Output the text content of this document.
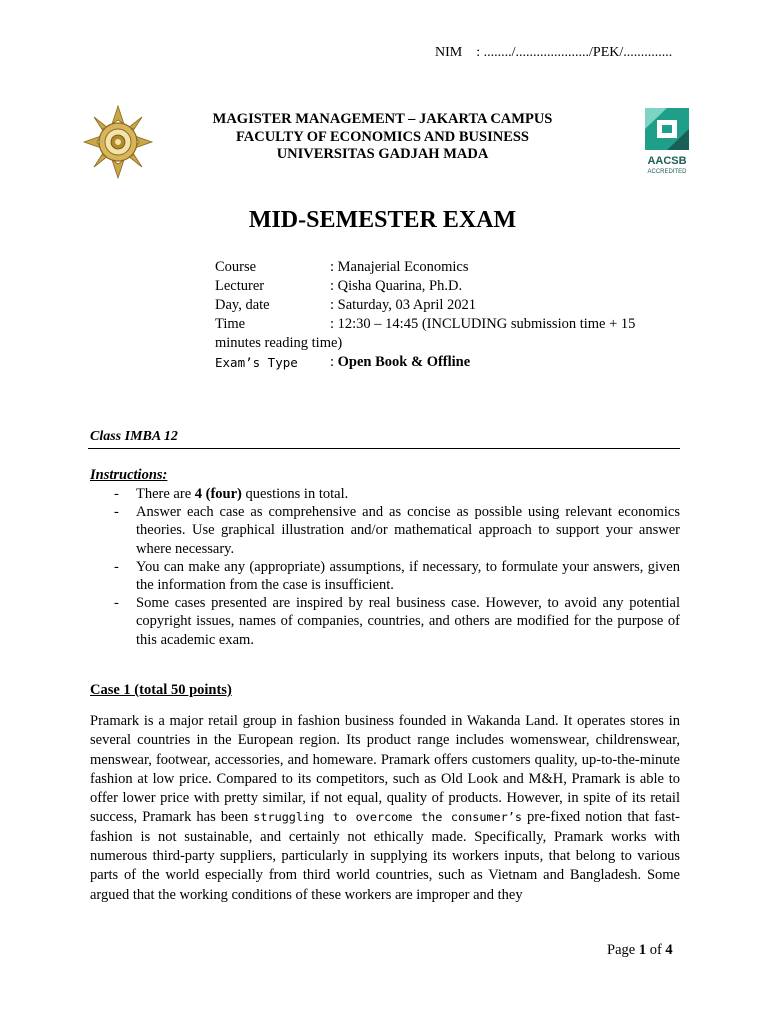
NIM : ......../...................../PEK/..............
MAGISTER MANAGEMENT – JAKARTA CAMPUS
FACULTY OF ECONOMICS AND BUSINESS
UNIVERSITAS GADJAH MADA	AACSB
ACCREDITED
MID-SEMESTER EXAM
Course	: Manajerial Economics
Lecturer	: Qisha Quarina, Ph.D.
Day, date	: Saturday, 03 April 2021
Time	: 12:30 – 14:45 (INCLUDING submission time + 15
minutes reading time)
Exam’s Type : Open Book & Offline
Class IMBA 12
Instructions:
- There are 4 (four) questions in total.
- Answer each case as comprehensive and as concise as possible using relevant economics theories. Use graphical illustration and/or mathematical approach to support your answer where necessary.
- You can make any (appropriate) assumptions, if necessary, to formulate your answers, given the information from the case is insufficient.
- Some cases presented are inspired by real business case. However, to avoid any potential copyright issues, names of companies, countries, and others are modified for the purpose of this academic exam.
Case 1 (total 50 points)
Pramark is a major retail group in fashion business founded in Wakanda Land. It operates stores in several countries in the European region. Its product range includes womenswear, childrenswear, menswear, footwear, accessories, and homeware. Pramark offers customers quality, up-to-the-minute fashion at low price. Compared to its competitors, such as Old Look and M&H, Pramark is able to offer lower price with pretty similar, if not equal, quality of products. However, in spite of its retail success, Pramark has been struggling to overcome the consumer’s pre-fixed notion that fast-fashion is not sustainable, and certainly not ethically made. Specifically, Pramark works with numerous third-party suppliers, particularly in supplying its workers inputs, that belong to various parts of the world especially from third world countries, such as Vietnam and Bangladesh. Some argued that the working conditions of these workers are improper and they
Page 1 of 4
